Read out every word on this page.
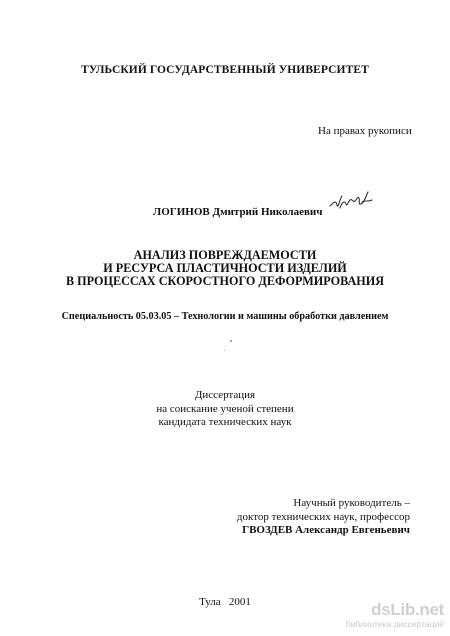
ТУЛЬСКИЙ ГОСУДАРСТВЕННЫЙ УНИВЕРСИТЕТ
На правах рукописи
ЛОГИНОВ Дмитрий Николаевич
АНАЛИЗ ПОВРЕЖДАЕМОСТИ
И РЕСУРСА ПЛАСТИЧНОСТИ ИЗДЕЛИЙ
В ПРОЦЕССАХ СКОРОСТНОГО ДЕФОРМИРОВАНИЯ
Специальность 05.03.05 – Технологии и машины обработки давлением
Диссертация
на соискание ученой степени
кандидата технических наук
Научный руководитель –
доктор технических наук, профессор
ГВОЗДЕВ Александр Евгеньевич
Тула   2001	dsLib.net
библиотека диссертаций
